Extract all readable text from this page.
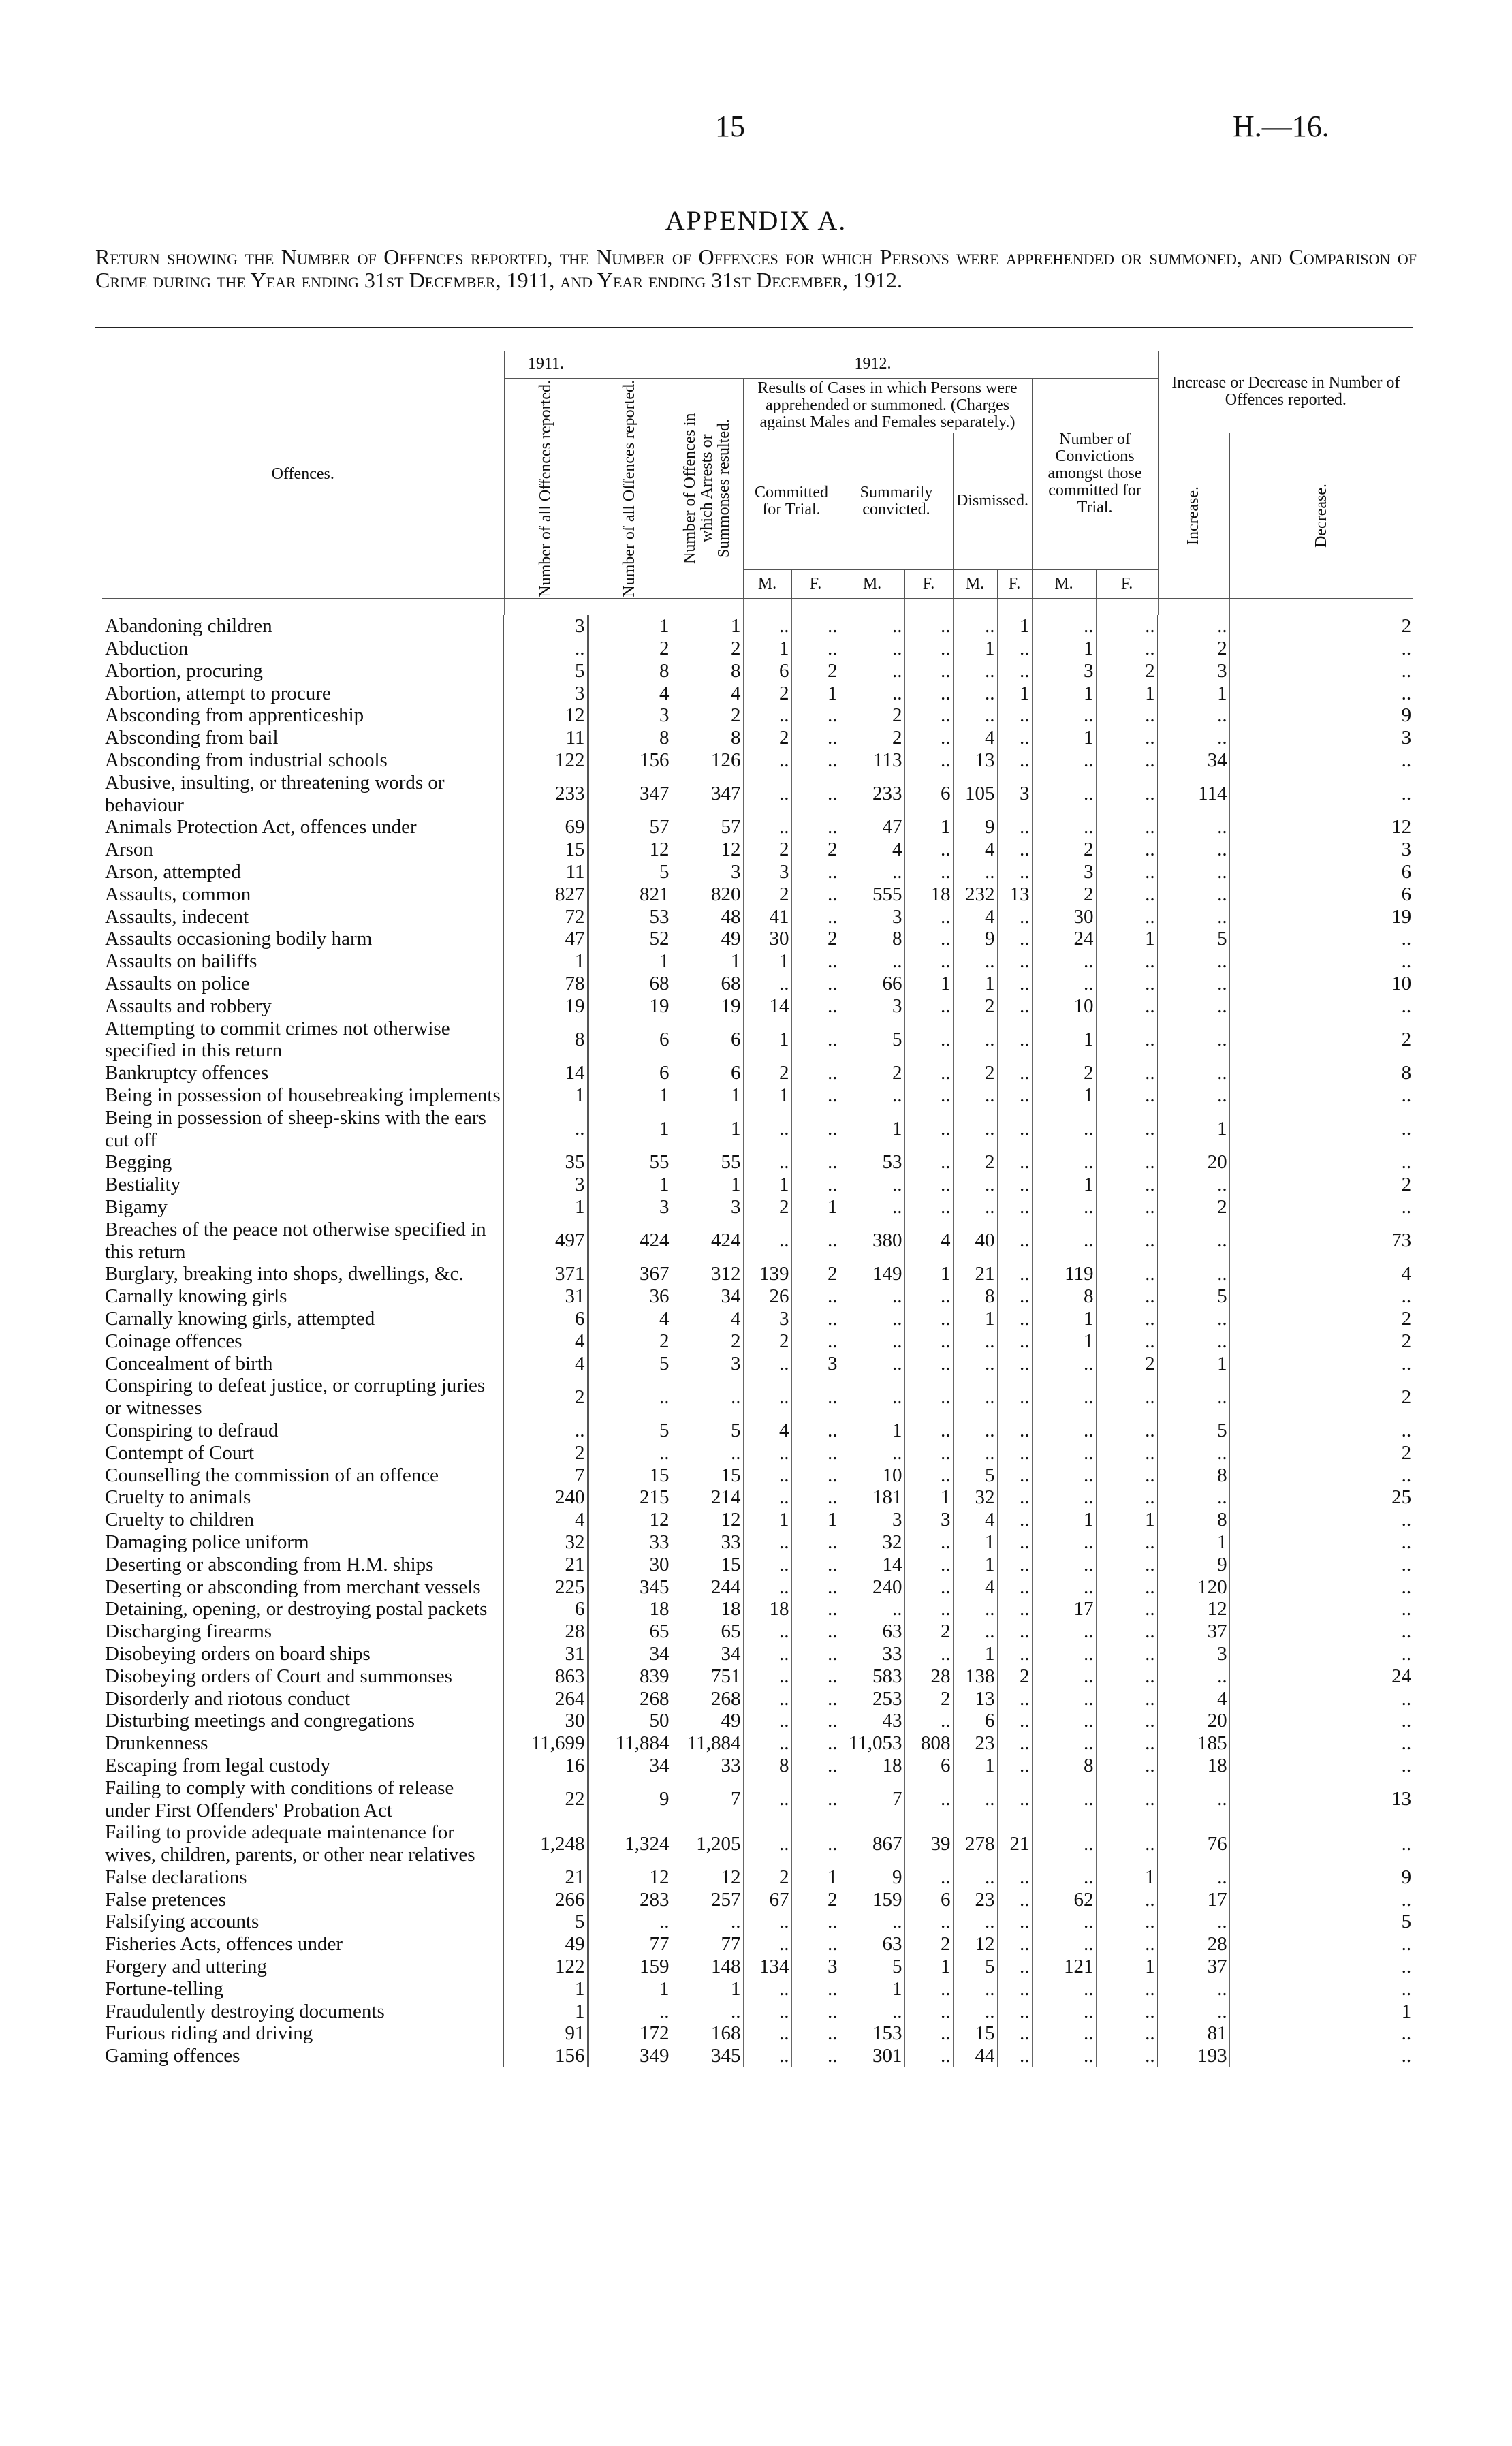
15	H.—16.
APPENDIX A.
Return showing the Number of Offences reported, the Number of Offences for which Persons were apprehended or summoned, and Comparison of Crime during the Year ending 31st December, 1911, and Year ending 31st December, 1912.
Offences.	1911.	1912.										Increase or Decrease in Number of Offences reported.	

	Number of all Offences reported.	Number of all Offences reported.	Number of Offences in which Arrests or Summonses resulted.	Results of Cases in which Persons were apprehended or summoned. (Charges against Males and Females separately.)						Number of Convictions amongst those committed for Trial.			
				Committed for Trial.		Summarily convicted.		Dismissed.				Increase.	Decrease.

				M.	F.	M.	F.	M.	F.	M.	F.		

Abandoning children	3	1	1	..	..	..	..	..	1	..	..	..	2
Abduction	..	2	2	1	..	..	..	1	..	1	..	2	..
Abortion, procuring	5	8	8	6	2	..	..	..	..	3	2	3	..
Abortion, attempt to procure	3	4	4	2	1	..	..	..	1	1	1	1	..
Absconding from apprenticeship	12	3	2	..	..	2	..	..	..	..	..	..	9
Absconding from bail	11	8	8	2	..	2	..	4	..	1	..	..	3
Absconding from industrial schools	122	156	126	..	..	113	..	13	..	..	..	34	..
Abusive, insulting, or threatening words or behaviour	233	347	347	..	..	233	6	105	3	..	..	114	..
Animals Protection Act, offences under	69	57	57	..	..	47	1	9	..	..	..	..	12
Arson	15	12	12	2	2	4	..	4	..	2	..	..	3
Arson, attempted	11	5	3	3	..	..	..	..	..	3	..	..	6
Assaults, common	827	821	820	2	..	555	18	232	13	2	..	..	6
Assaults, indecent	72	53	48	41	..	3	..	4	..	30	..	..	19
Assaults occasioning bodily harm	47	52	49	30	2	8	..	9	..	24	1	5	..
Assaults on bailiffs	1	1	1	1	..	..	..	..	..	..	..	..	..
Assaults on police	78	68	68	..	..	66	1	1	..	..	..	..	10
Assaults and robbery	19	19	19	14	..	3	..	2	..	10	..	..	..
Attempting to commit crimes not otherwise specified in this return	8	6	6	1	..	5	..	..	..	1	..	..	2
Bankruptcy offences	14	6	6	2	..	2	..	2	..	2	..	..	8
Being in possession of housebreaking implements	1	1	1	1	..	..	..	..	..	1	..	..	..
Being in possession of sheep-skins with the ears cut off	..	1	1	..	..	1	..	..	..	..	..	1	..
Begging	35	55	55	..	..	53	..	2	..	..	..	20	..
Bestiality	3	1	1	1	..	..	..	..	..	1	..	..	2
Bigamy	1	3	3	2	1	..	..	..	..	..	..	2	..
Breaches of the peace not otherwise specified in this return	497	424	424	..	..	380	4	40	..	..	..	..	73
Burglary, breaking into shops, dwellings, &c.	371	367	312	139	2	149	1	21	..	119	..	..	4
Carnally knowing girls	31	36	34	26	..	..	..	8	..	8	..	5	..
Carnally knowing girls, attempted	6	4	4	3	..	..	..	1	..	1	..	..	2
Coinage offences	4	2	2	2	..	..	..	..	..	1	..	..	2
Concealment of birth	4	5	3	..	3	..	..	..	..	..	2	1	..
Conspiring to defeat justice, or corrupting juries or witnesses	2	..	..	..	..	..	..	..	..	..	..	..	2
Conspiring to defraud	..	5	5	4	..	1	..	..	..	..	..	5	..
Contempt of Court	2	..	..	..	..	..	..	..	..	..	..	..	2
Counselling the commission of an offence	7	15	15	..	..	10	..	5	..	..	..	8	..
Cruelty to animals	240	215	214	..	..	181	1	32	..	..	..	..	25
Cruelty to children	4	12	12	1	1	3	3	4	..	1	1	8	..
Damaging police uniform	32	33	33	..	..	32	..	1	..	..	..	1	..
Deserting or absconding from H.M. ships	21	30	15	..	..	14	..	1	..	..	..	9	..
Deserting or absconding from merchant vessels	225	345	244	..	..	240	..	4	..	..	..	120	..
Detaining, opening, or destroying postal packets	6	18	18	18	..	..	..	..	..	17	..	12	..
Discharging firearms	28	65	65	..	..	63	2	..	..	..	..	37	..
Disobeying orders on board ships	31	34	34	..	..	33	..	1	..	..	..	3	..
Disobeying orders of Court and summonses	863	839	751	..	..	583	28	138	2	..	..	..	24
Disorderly and riotous conduct	264	268	268	..	..	253	2	13	..	..	..	4	..
Disturbing meetings and congregations	30	50	49	..	..	43	..	6	..	..	..	20	..
Drunkenness	11,699	11,884	11,884	..	..	11,053	808	23	..	..	..	185	..
Escaping from legal custody	16	34	33	8	..	18	6	1	..	8	..	18	..
Failing to comply with conditions of release under First Offenders' Probation Act	22	9	7	..	..	7	..	..	..	..	..	..	13
Failing to provide adequate maintenance for wives, children, parents, or other near relatives	1,248	1,324	1,205	..	..	867	39	278	21	..	..	76	..
False declarations	21	12	12	2	1	9	..	..	..	..	1	..	9
False pretences	266	283	257	67	2	159	6	23	..	62	..	17	..
Falsifying accounts	5	..	..	..	..	..	..	..	..	..	..	..	5
Fisheries Acts, offences under	49	77	77	..	..	63	2	12	..	..	..	28	..
Forgery and uttering	122	159	148	134	3	5	1	5	..	121	1	37	..
Fortune-telling	1	1	1	..	..	1	..	..	..	..	..	..	..
Fraudulently destroying documents	1	..	..	..	..	..	..	..	..	..	..	..	1
Furious riding and driving	91	172	168	..	..	153	..	15	..	..	..	81	..
Gaming offences	156	349	345	..	..	301	..	44	..	..	..	193	..
